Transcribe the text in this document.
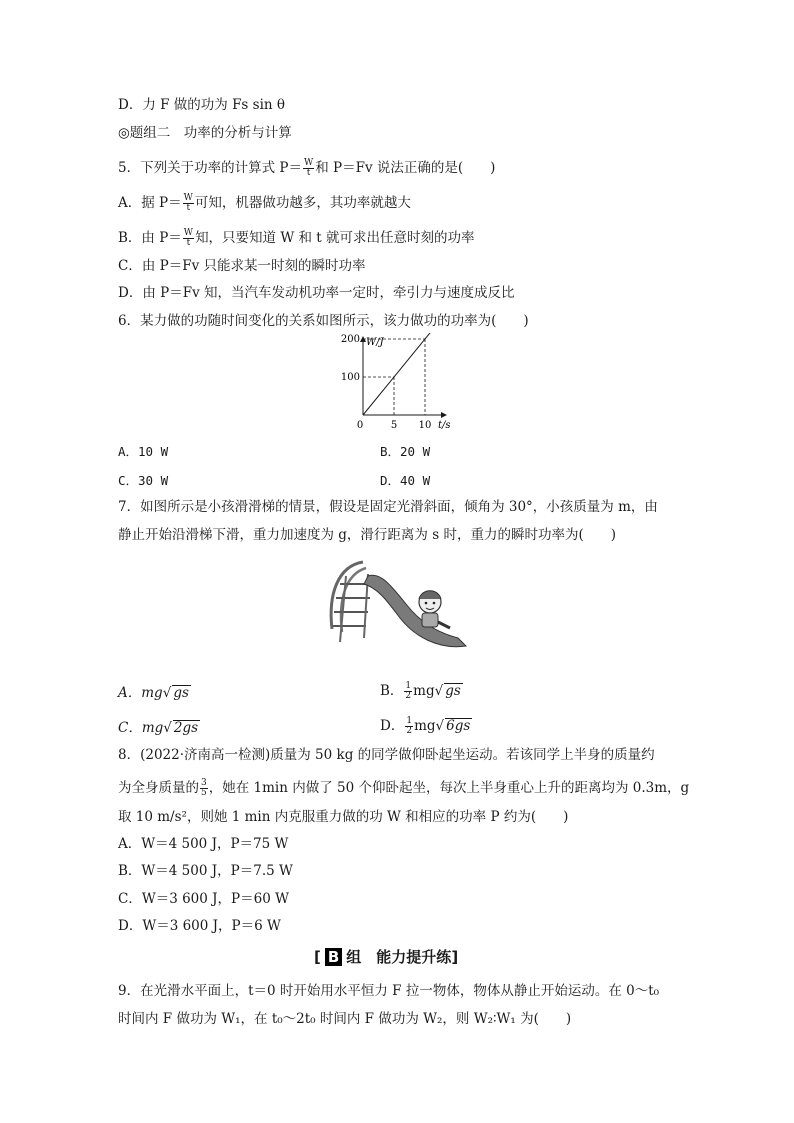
D．力 F 做的功为 Fs sin θ
◎题组二　功率的分析与计算
5．下列关于功率的计算式 $P= \frac{W}{t}$ 和 P＝Fv 说法正确的是(　　)
A．据 $P= \frac{W}{t}$ 可知，机器做功越多，其功率就越大
B．由 $P= \frac{W}{t}$ 知，只要知道 W 和 t 就可求出任意时刻的功率
C．由 P＝Fv 只能求某一时刻的瞬时功率
D．由 P＝Fv 知，当汽车发动机功率一定时，牵引力与速度成反比
6．某力做的功随时间变化的关系如图所示，该力做功的功率为(　　)
0	5 10
100
200 W/J
t/s
A．10 W	B．20 W
C．30 W	D．40 W
7．如图所示是小孩滑滑梯的情景，假设是固定光滑斜面，倾角为 30°，小孩质量为 m，由
静止开始沿滑梯下滑，重力加速度为 g，滑行距离为 s 时，重力的瞬时功率为(　　)
A．mg√ gs	B． $\frac{1}{2} mg√$ gs
C．mg√ 2gs	D． $\frac{1}{2} mg√$ 6gs
8．(2022·济南高一检测)质量为 50 kg 的同学做仰卧起坐运动。若该同学上半身的质量约
为全身质量的 $\frac{3}{5}$ ，她在 1min 内做了 50 个仰卧起坐，每次上半身重心上升的距离均为 0.3m，g
取 10 m/s²，则她 1 min 内克服重力做的功 W 和相应的功率 P 约为(　　)
A．W＝4 500 J，P＝75 W
B．W＝4 500 J，P＝7.5 W
C．W＝3 600 J，P＝60 W
D．W＝3 600 J，P＝6 W
[ B 组　能力提升练]
9．在光滑水平面上，t＝0 时开始用水平恒力 F 拉一物体，物体从静止开始运动。在 0～t₀
时间内 F 做功为 W₁，在 t₀～2t₀ 时间内 F 做功为 W₂，则 W₂∶W₁ 为(　　)
